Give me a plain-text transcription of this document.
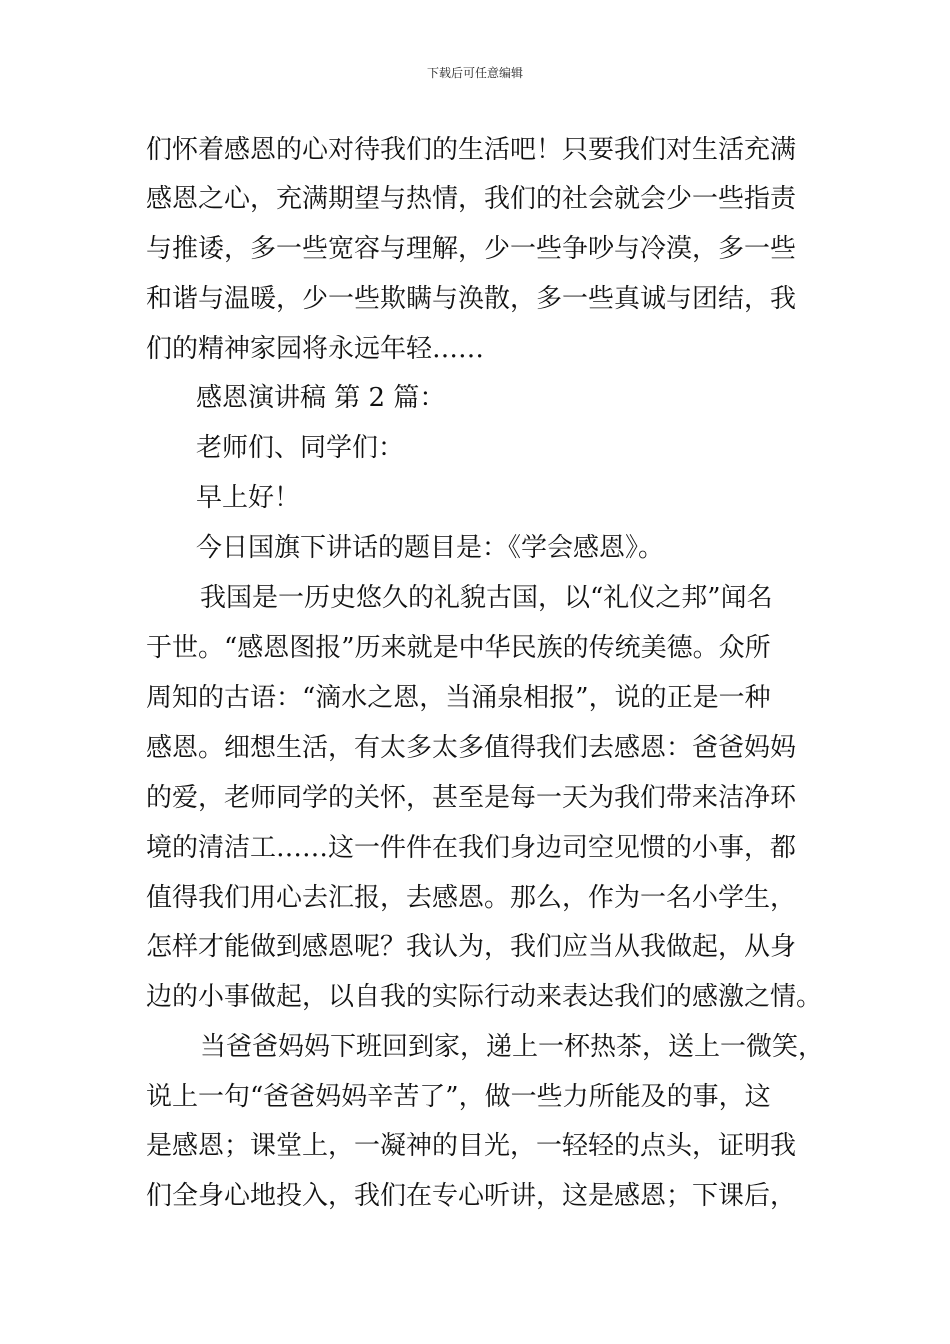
下载后可任意编辑
们怀着感恩的心对待我们的生活吧！只要我们对生活充满
感恩之心，充满期望与热情，我们的社会就会少一些指责
与推诿，多一些宽容与理解，少一些争吵与冷漠，多一些
和谐与温暖，少一些欺瞒与涣散，多一些真诚与团结，我
们的精神家园将永远年轻……
感恩演讲稿 第 2 篇：
老师们、同学们：
早上好！
今日国旗下讲话的题目是：《学会感恩》。
我国是一历史悠久的礼貌古国，以“礼仪之邦”闻名
于世。“感恩图报”历来就是中华民族的传统美德。众所
周知的古语：“滴水之恩，当涌泉相报”，说的正是一种
感恩。细想生活，有太多太多值得我们去感恩：爸爸妈妈
的爱，老师同学的关怀，甚至是每一天为我们带来洁净环
境的清洁工……这一件件在我们身边司空见惯的小事，都
值得我们用心去汇报，去感恩。那么，作为一名小学生，
怎样才能做到感恩呢？我认为，我们应当从我做起，从身
边的小事做起，以自我的实际行动来表达我们的感激之情。
当爸爸妈妈下班回到家，递上一杯热茶，送上一微笑，
说上一句“爸爸妈妈辛苦了”，做一些力所能及的事，这
是感恩；课堂上，一凝神的目光，一轻轻的点头，证明我
们全身心地投入，我们在专心听讲，这是感恩；下课后，
